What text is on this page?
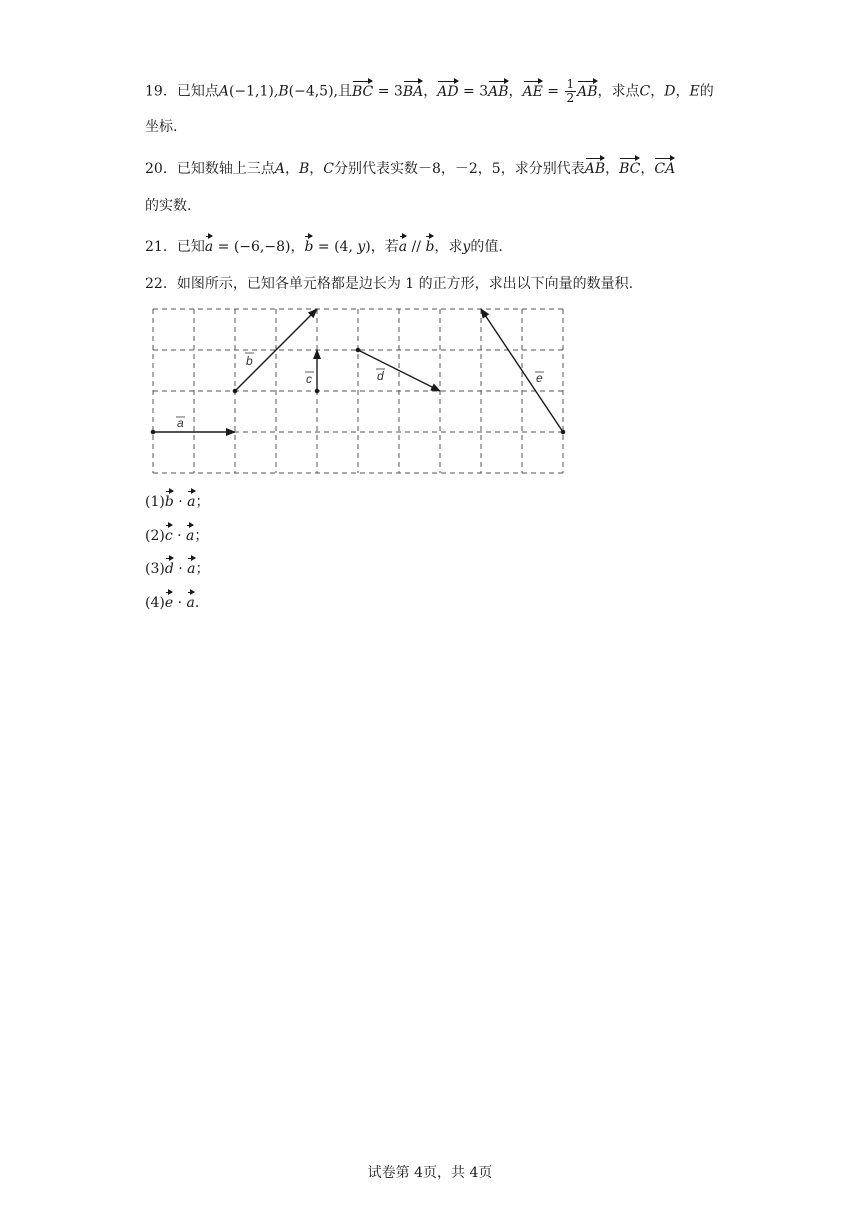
19．已知点A(−1,1),B(−4,5),且BC = 3BA，AD = 3AB，AE = $\frac{1}{2}$ AB，求点C，D，E的
坐标.
20．已知数轴上三点A，B，C分别代表实数－8，－2，5，求分别代表AB，BC，CA
的实数.
21．已知a = (−6,−8)，b = (4, y)，若a // b，求y的值.
22．如图所示，已知各单元格都是边长为 1 的正方形，求出以下向量的数量积.
a
b
c	d	e
(1)b · a；
(2)c · a；
(3)d · a；
(4)e · a.
试卷第 4页，共 4页
